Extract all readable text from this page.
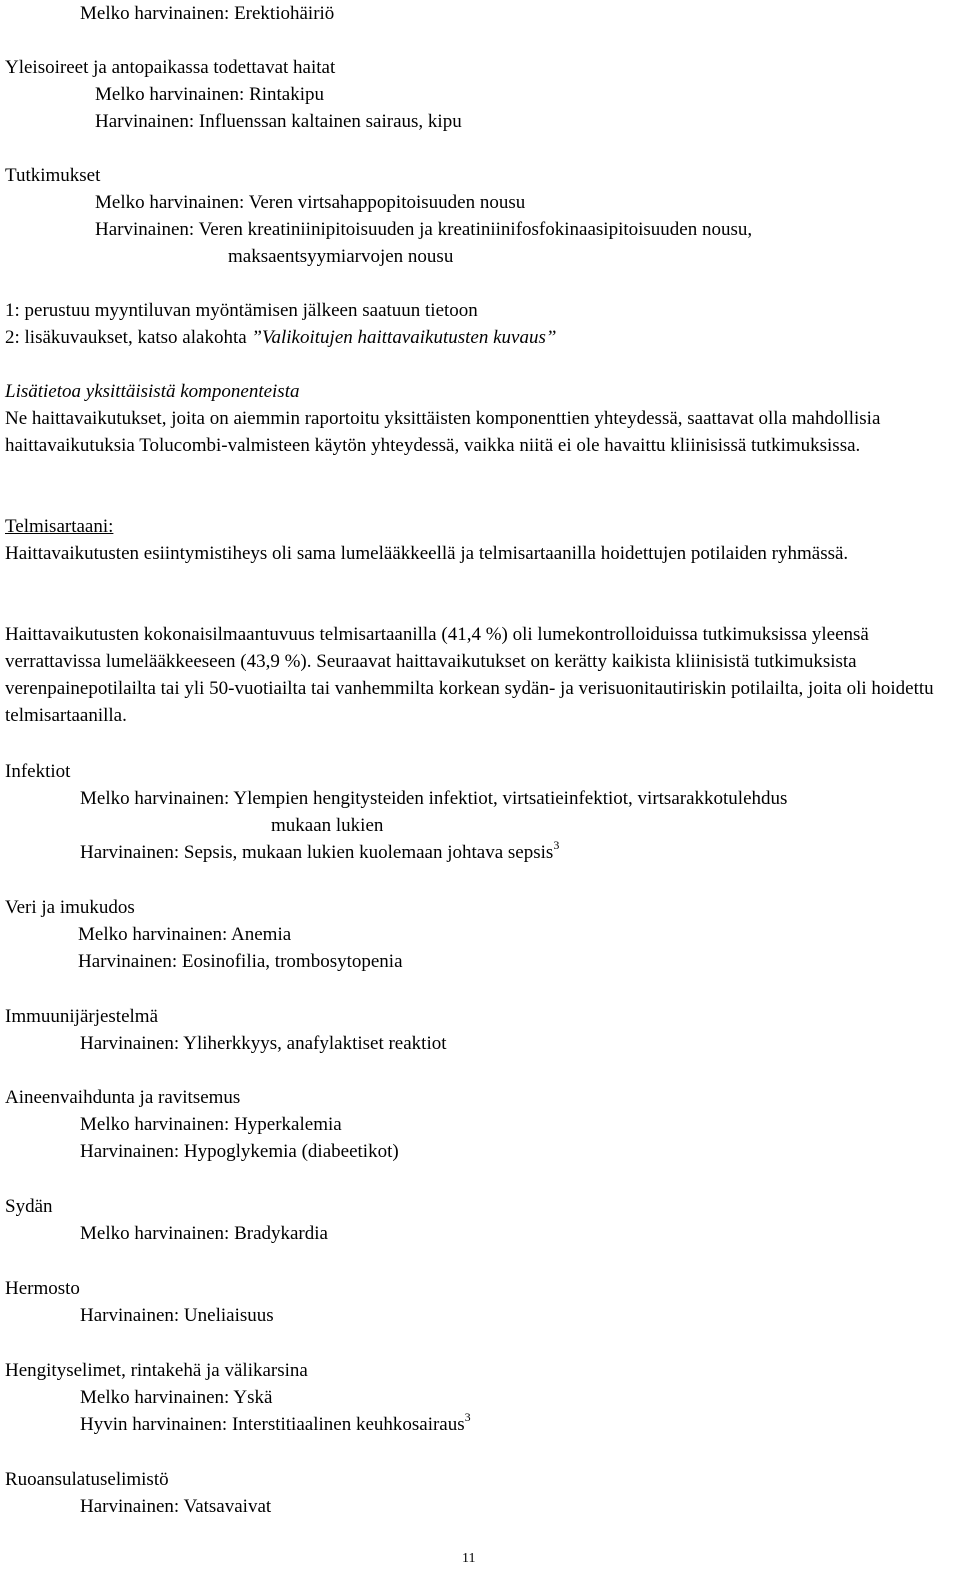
Melko harvinainen: Erektiohäiriö
Yleisoireet ja antopaikassa todettavat haitat
Melko harvinainen: Rintakipu
Harvinainen: Influenssan kaltainen sairaus, kipu
Tutkimukset
Melko harvinainen: Veren virtsahappopitoisuuden nousu
Harvinainen: Veren kreatiniinipitoisuuden ja kreatiniinifosfokinaasipitoisuuden nousu,
maksaentsyymiarvojen nousu
1: perustuu myyntiluvan myöntämisen jälkeen saatuun tietoon
2: lisäkuvaukset, katso alakohta ”Valikoitujen haittavaikutusten kuvaus”
Lisätietoa yksittäisistä komponenteista
Ne haittavaikutukset, joita on aiemmin raportoitu yksittäisten komponenttien yhteydessä, saattavat olla mahdollisia haittavaikutuksia Tolucombi-valmisteen käytön yhteydessä, vaikka niitä ei ole havaittu kliinisissä tutkimuksissa.
Telmisartaani:
Haittavaikutusten esiintymistiheys oli sama lumelääkkeellä ja telmisartaanilla hoidettujen potilaiden ryhmässä.
Haittavaikutusten kokonaisilmaantuvuus telmisartaanilla (41,4 %) oli lumekontrolloiduissa tutkimuksissa yleensä verrattavissa lumelääkkeeseen (43,9 %). Seuraavat haittavaikutukset on kerätty kaikista kliinisistä tutkimuksista verenpainepotilailta tai yli 50-vuotiailta tai vanhemmilta korkean sydän- ja verisuonitautiriskin potilailta, joita oli hoidettu telmisartaanilla.
Infektiot
Melko harvinainen: Ylempien hengitysteiden infektiot, virtsatieinfektiot, virtsarakkotulehdus
mukaan lukien
Harvinainen: Sepsis, mukaan lukien kuolemaan johtava sepsis$^3$
Veri ja imukudos
Melko harvinainen: Anemia
Harvinainen: Eosinofilia, trombosytopenia
Immuunijärjestelmä
Harvinainen: Yliherkkyys, anafylaktiset reaktiot
Aineenvaihdunta ja ravitsemus
Melko harvinainen: Hyperkalemia
Harvinainen: Hypoglykemia (diabeetikot)
Sydän
Melko harvinainen: Bradykardia
Hermosto
Harvinainen: Uneliaisuus
Hengityselimet, rintakehä ja välikarsina
Melko harvinainen: Yskä
Hyvin harvinainen: Interstitiaalinen keuhkosairaus$^3$
Ruoansulatuselimistö
Harvinainen: Vatsavaivat
11
